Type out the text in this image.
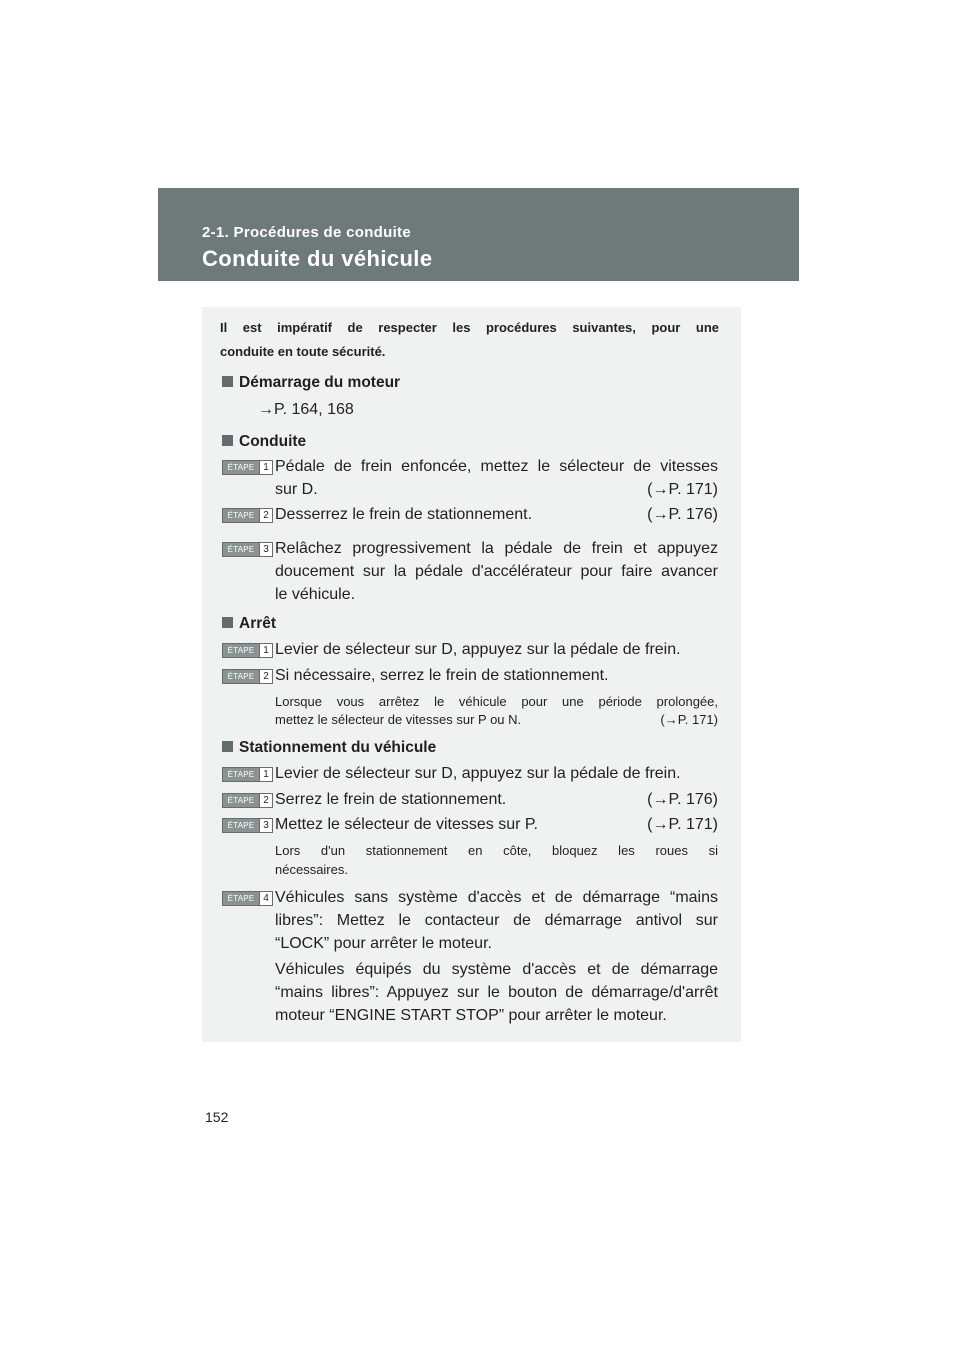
2-1. Procédures de conduite
Conduite du véhicule
Il est impératif de respecter les procédures suivantes, pour une
conduite en toute sécurité.
Démarrage du moteur
→P. 164, 168
Conduite
ÉTAPE 1 Pédale de frein enfoncée, mettez le sélecteur de vitesses
sur D.	(→P. 171)
ÉTAPE 2 Desserrez le frein de stationnement.	(→P. 176)
ÉTAPE 3 Relâchez progressivement la pédale de frein et appuyez
doucement sur la pédale d'accélérateur pour faire avancer
le véhicule.
Arrêt
ÉTAPE 1 Levier de sélecteur sur D, appuyez sur la pédale de frein.
ÉTAPE 2 Si nécessaire, serrez le frein de stationnement.
Lorsque vous arrêtez le véhicule pour une période prolongée,
mettez le sélecteur de vitesses sur P ou N.	(→P. 171)
Stationnement du véhicule
ÉTAPE 1 Levier de sélecteur sur D, appuyez sur la pédale de frein.
ÉTAPE 2 Serrez le frein de stationnement.	(→P. 176)
ÉTAPE 3 Mettez le sélecteur de vitesses sur P.	(→P. 171)
Lors d'un stationnement en côte, bloquez les roues si
nécessaires.
ÉTAPE 4 Véhicules sans système d'accès et de démarrage “mains
libres”: Mettez le contacteur de démarrage antivol sur
“LOCK” pour arrêter le moteur.
Véhicules équipés du système d'accès et de démarrage
“mains libres”: Appuyez sur le bouton de démarrage/d'arrêt
moteur “ENGINE START STOP” pour arrêter le moteur.
152
